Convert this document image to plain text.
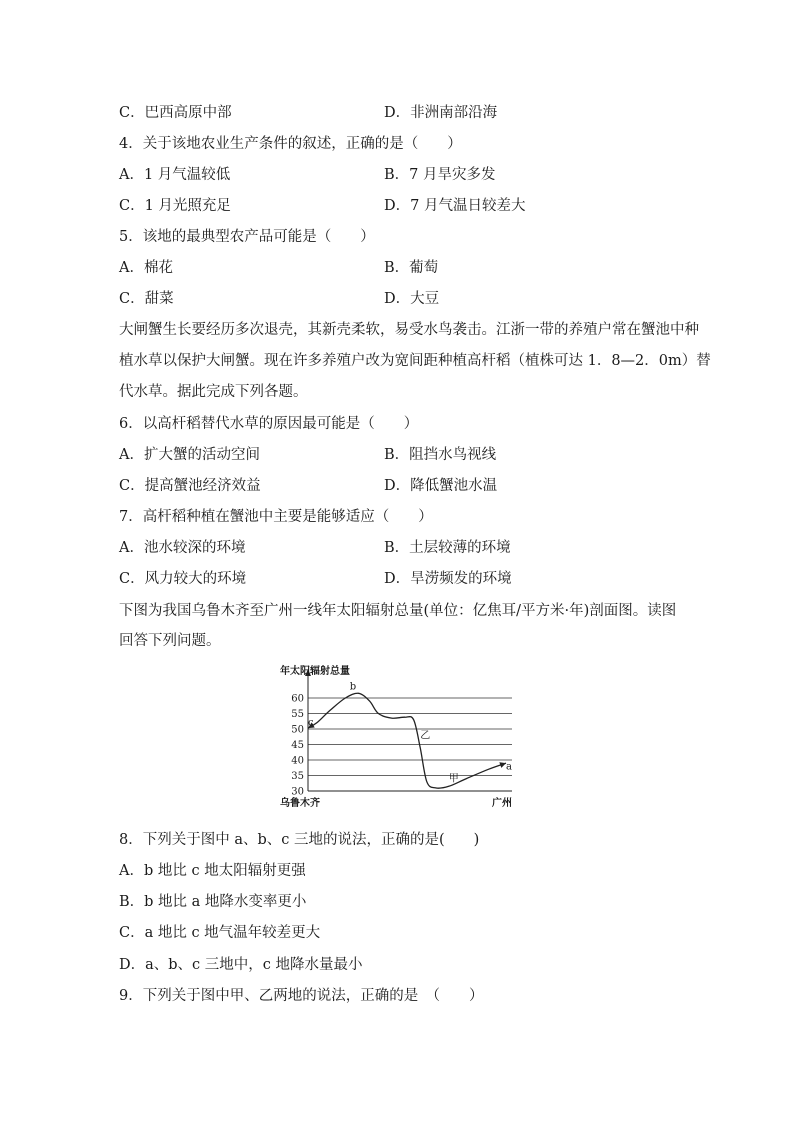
C．巴西高原中部	D．非洲南部沿海
4．关于该地农业生产条件的叙述，正确的是（　　）
A．1 月气温较低	B．7 月旱灾多发
C．1 月光照充足	D．7 月气温日较差大
5．该地的最典型农产品可能是（　　）
A．棉花	B．葡萄
C．甜菜	D．大豆
大闸蟹生长要经历多次退壳，其新壳柔软，易受水鸟袭击。江浙一带的养殖户常在蟹池中种
植水草以保护大闸蟹。现在许多养殖户改为宽间距种植高杆稻（植株可达 1．8—2．0m）替
代水草。据此完成下列各题。
6．以高杆稻替代水草的原因最可能是（　　）
A．扩大蟹的活动空间	B．阻挡水鸟视线
C．提高蟹池经济效益	D．降低蟹池水温
7．高杆稻种植在蟹池中主要是能够适应（　　）
A．池水较深的环境	B．土层较薄的环境
C．风力较大的环境	D．旱涝频发的环境
下图为我国乌鲁木齐至广州一线年太阳辐射总量(单位：亿焦耳/平方米·年)剖面图。读图
回答下列问题。
30
35
40
45
50
55
60
c
b
乙
甲
a
年太阳辐射总量
乌鲁木齐	广州
8．下列关于图中 a、b、c 三地的说法，正确的是(　　)
A．b 地比 c 地太阳辐射更强
B．b 地比 a 地降水变率更小
C．a 地比 c 地气温年较差更大
D．a、b、c 三地中，c 地降水量最小
9．下列关于图中甲、乙两地的说法，正确的是　（　　）
